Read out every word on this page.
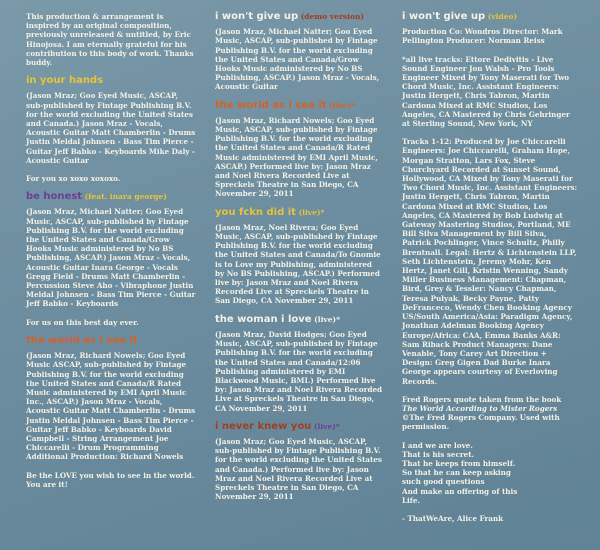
This production & arrangement is inspired by an original composition, previously unreleased & untitled, by Eric Hinojosa. I am eternally grateful for his contribution to this body of work. Thanks buddy.

in your hands

(Jason Mraz; Goo Eyed Music, ASCAP, sub-published by Fintage Publishing B.V. for the world excluding the United States and Canada.) Jason Mraz - Vocals, Acoustic Guitar Matt Chamberlin - Drums Justin Meldal Johnsen - Bass Tim Pierce - Guitar Jeff Babko - Keyboards Mike Daly - Acoustic Guitar

For you xo xoxo xoxoxo.

be honest (feat. inara george)

(Jason Mraz, Michael Natter; Goo Eyed Music, ASCAP, sub-published by Fintage Publishing B.V. for the world excluding the United States and Canada/Grow Hooks Music administered by No BS Publishing, ASCAP.) Jason Mraz - Vocals, Acoustic Guitar Inara George - Vocals Gregg Field - Drums Matt Chamberlin - Percussion Steve Aho - Vibraphone Justin Meldal Johnsen - Bass Tim Pierce - Guitar Jeff Babko - Keyboards

For us on this best day ever.

the world as i see it

(Jason Mraz, Richard Nowels; Goo Eyed Music ASCAP, sub-published by Fintage Publishing B.V. for the world excluding the United States and Canada/R Rated Music administered by EMI April Music Inc., ASCAP.) Jason Mraz - Vocals, Acoustic Guitar Matt Chamberlin - Drums Justin Meldal Johnsen - Bass Tim Pierce - Guitar Jeff Babko - Keyboards David Campbell - String Arrangement Joe Chiccarelli - Drum Programming Additional Production: Richard Nowels

Be the LOVE you wish to see in the world. You are it!

i won't give up (demo version)

(Jason Mraz, Michael Natter; Goo Eyed Music, ASCAP, sub-published by Fintage Publishing B.V. for the world excluding the United States and Canada/Grow Hooks Music administered by No BS Publishing, ASCAP.) Jason Mraz - Vocals, Acoustic Guitar

the world as i see it (live)*

(Jason Mraz, Richard Nowels; Goo Eyed Music, ASCAP, sub-published by Fintage Publishing B.V. for the world excluding the United States and Canada/R Rated Music administered by EMI April Music, ASCAP.) Performed live by: Jason Mraz and Noel Rivera Recorded Live at Spreckels Theatre in San Diego, CA November 29, 2011

you fckn did it (live)*

(Jason Mraz, Noel Rivera; Goo Eyed Music, ASCAP, sub-published by Fintage Publishing B.V. for the world excluding the United States and Canada/To Gnomie is to Love my Publishing, administered by No BS Publishing, ASCAP.) Performed live by: Jason Mraz and Noel Rivera Recorded Live at Spreckels Theatre in San Diego, CA November 29, 2011

the woman i love (live)*

(Jason Mraz, David Hodges; Goo Eyed Music, ASCAP, sub-published by Fintage Publishing B.V. for the world excluding the United States and Canada/12:06 Publishing administered by EMI Blackwood Music, BMI.) Performed live by: Jason Mraz and Noel Rivera Recorded Live at Spreckels Theatre in San Diego, CA November 29, 2011

i never knew you (live)*

(Jason Mraz; Goo Eyed Music, ASCAP, sub-published by Fintage Publishing B.V. for the world excluding the United States and Canada.) Performed live by: Jason Mraz and Noel Rivera Recorded Live at Spreckels Theatre in San Diego, CA November 29, 2011

i won't give up (video)

Production Co: Wondros Director: Mark Pellington Producer: Norman Reiss

*all live tracks: Ettore Dedivitis - Live Sound Engineer Jon Walsh - Pro Tools Engineer Mixed by Tony Maserati for Two Chord Music, Inc. Assistant Engineers: Justin Hergett, Chris Tabron, Martin Cardona Mixed at RMC Studios, Los Angeles, CA Mastered by Chris Gehringer at Sterling Sound, New York, NY

Tracks 1-12: Produced by Joe Chiccarelli Engineers: Joe Chiccarelli, Graham Hope, Morgan Stratton, Lars Fox, Steve Churchyard Recorded at Sunset Sound, Hollywood, CA Mixed by Tony Maserati for Two Chord Music, Inc. Assistant Engineers: Justin Hergett, Chris Tabron, Martin Cardona Mixed at RMC Studios, Los Angeles, CA Mastered by Bob Ludwig at Gateway Mastering Studios, Portland, ME Bill Silva Management by Bill Silva, Patrick Pochlinger, Vince Schultz, Philly Brentnall. Legal: Hertz & Lichtenstein LLP, Seth Lichtenstein, Jeremy Mohr, Ken Hertz, Janet Gill, Kristin Wenning, Sandy Miller Business Management: Chapman, Bird, Grey & Tessler: Nancy Chapman, Teresa Pulyak, Becky Payne, Patty DeFranceco, Wendy Chen Booking Agency US/South America/Asia: Paradigm Agency, Jonathan Adelman Booking Agency Europe/Africa: CAA, Emma Banks A&R: Sam Riback Product Managers: Dane Venable, Tony Carey Art Direction + Design: Greg Gigen Dad Burke Inara George appears courtesy of Everloving Records.

Fred Rogers quote taken from the book The World According to Mister Rogers ©The Fred Rogers Company. Used with permission.

I and we are love.

That is his secret.

That he keeps from himself.

So that he can keep asking

such good questions

And make an offering of this

Life.

- ThatWeAre, Alice Frank
